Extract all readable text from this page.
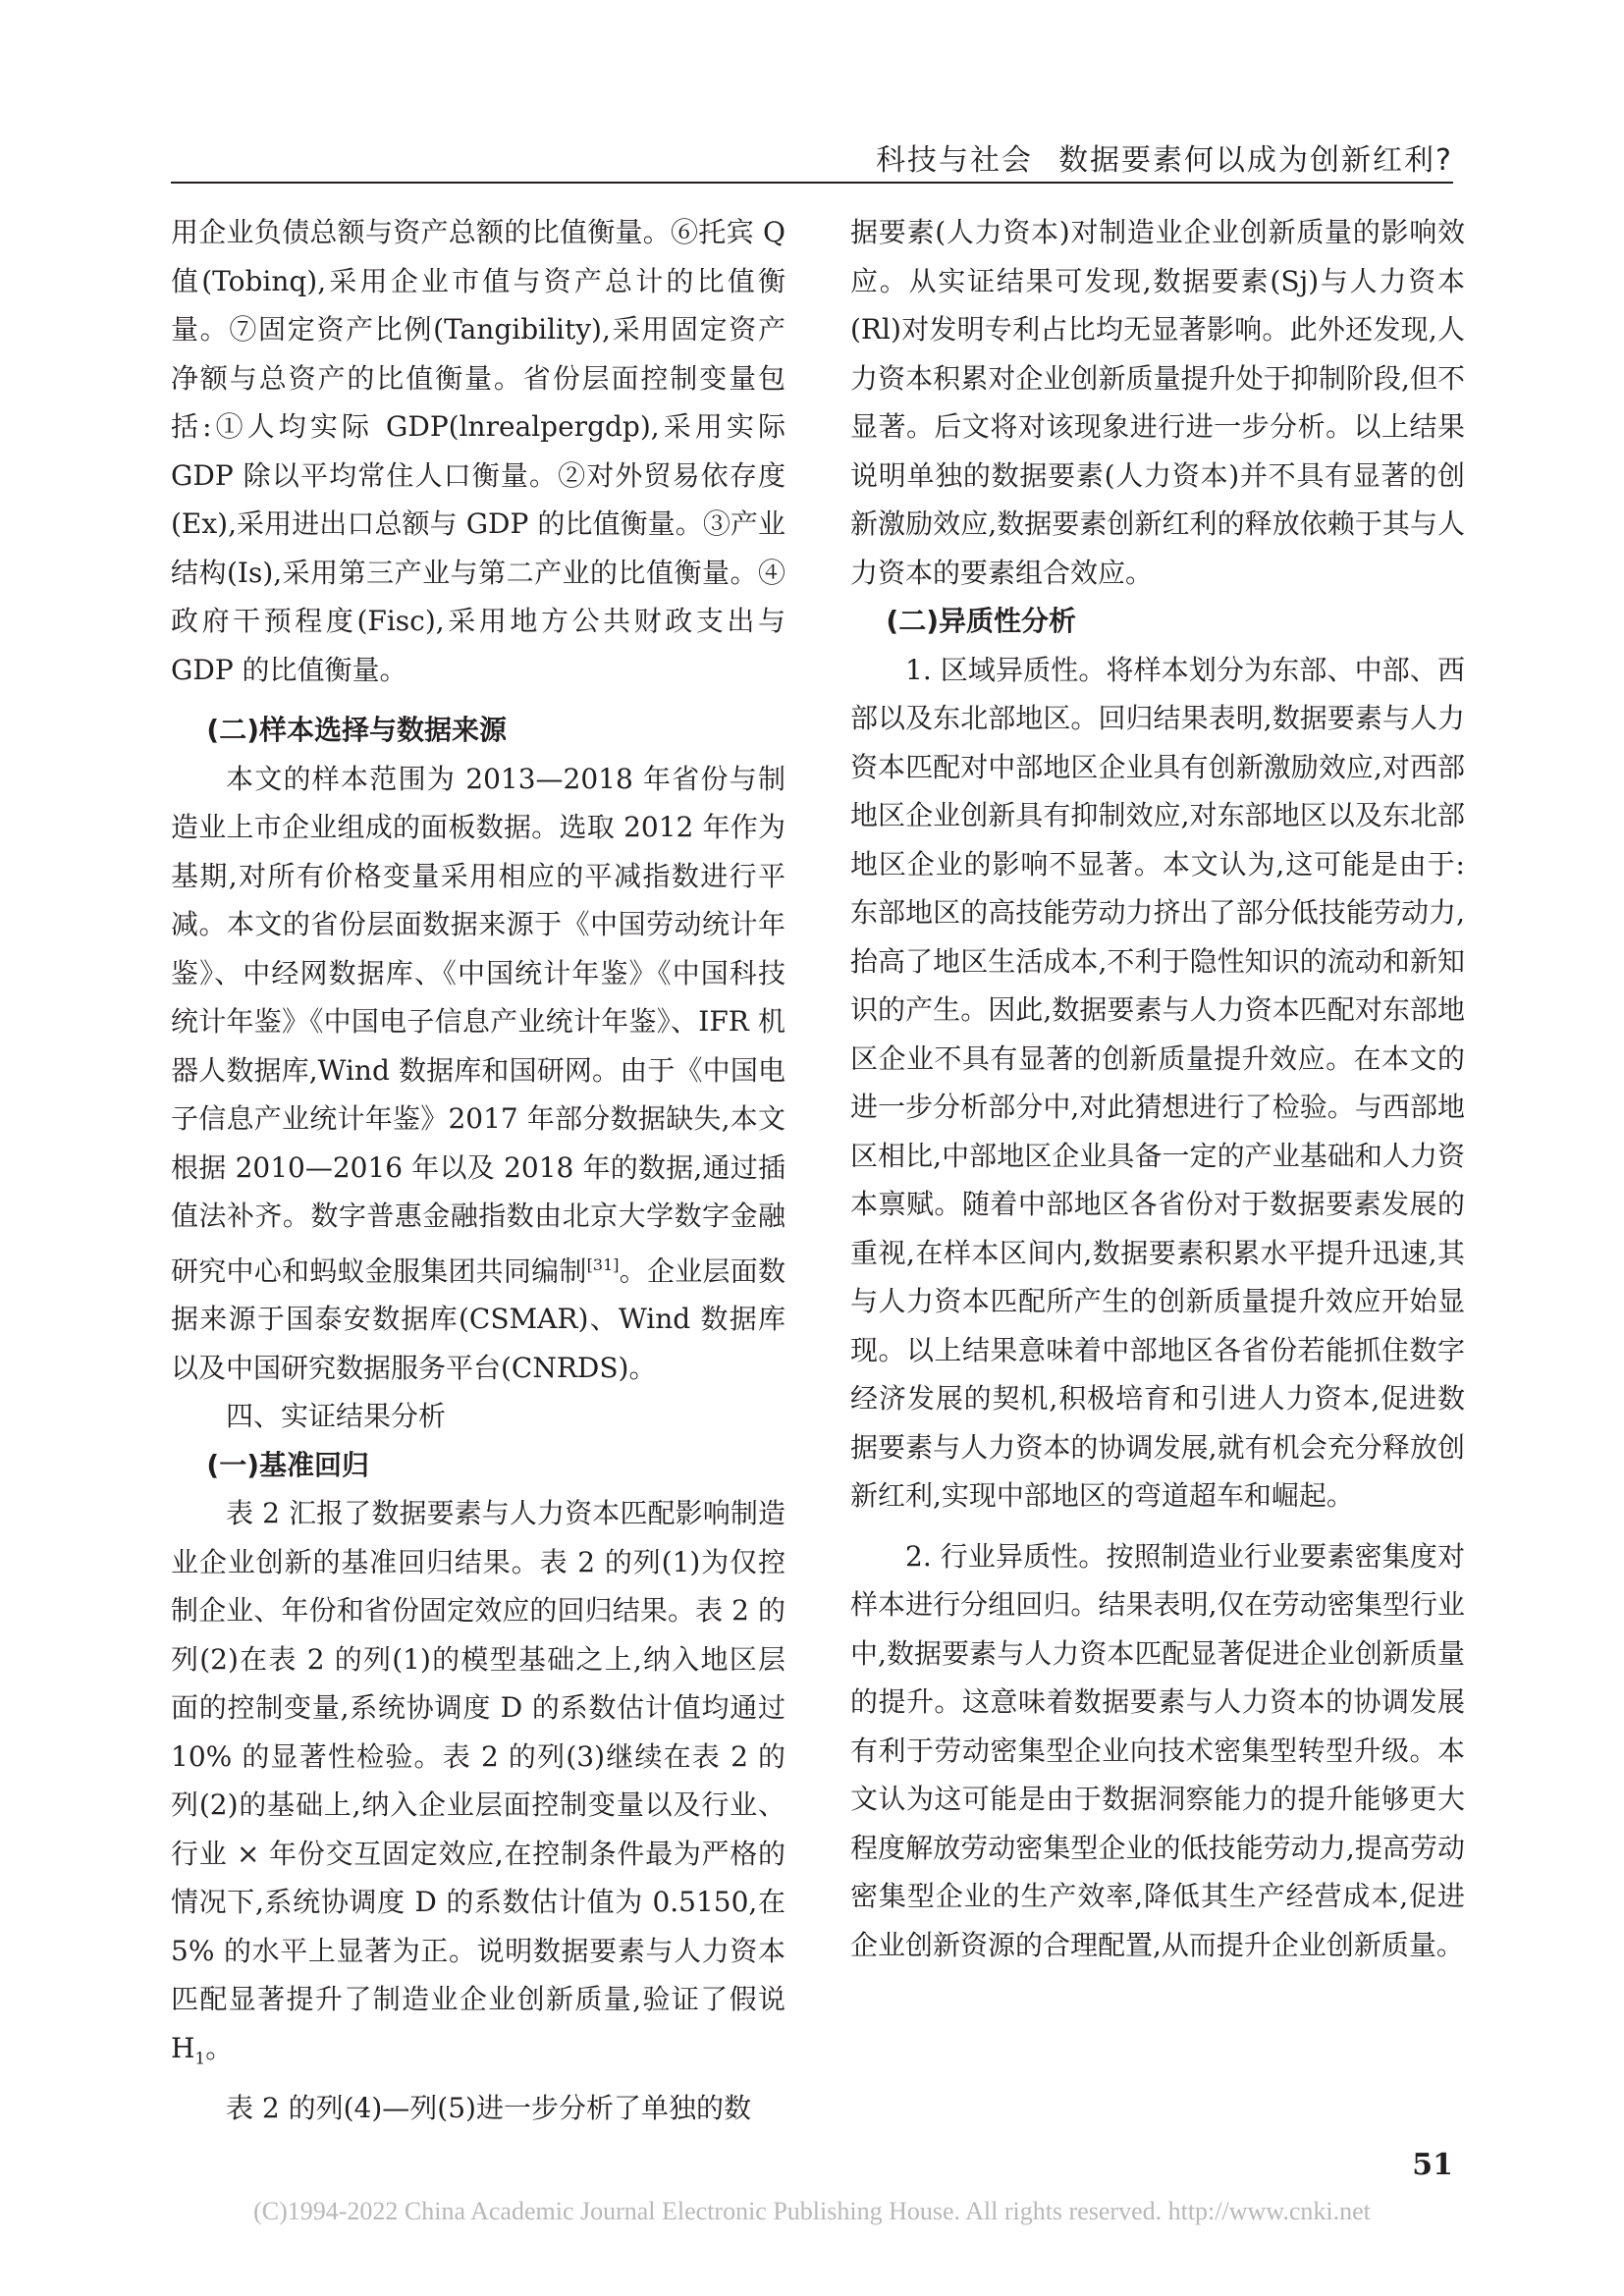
科技与社会 数据要素何以成为创新红利?

用企业负债总额与资产总额的比值衡量。⑥托宾 Q 值(Tobinq),采用企业市值与资产总计的比值衡量。⑦固定资产比例(Tangibility),采用固定资产净额与总资产的比值衡量。省份层面控制变量包括:①人均实际 GDP(lnrealpergdp),采用实际 GDP 除以平均常住人口衡量。②对外贸易依存度(Ex),采用进出口总额与 GDP 的比值衡量。③产业结构(Is),采用第三产业与第二产业的比值衡量。④政府干预程度(Fisc),采用地方公共财政支出与 GDP 的比值衡量。

(二)样本选择与数据来源

本文的样本范围为 2013—2018 年省份与制造业上市企业组成的面板数据。选取 2012 年作为基期,对所有价格变量采用相应的平减指数进行平减。本文的省份层面数据来源于《中国劳动统计年鉴》、中经网数据库、《中国统计年鉴》《中国科技统计年鉴》《中国电子信息产业统计年鉴》、IFR 机器人数据库,Wind 数据库和国研网。由于《中国电子信息产业统计年鉴》2017 年部分数据缺失,本文根据 2010—2016 年以及 2018 年的数据,通过插值法补齐。数字普惠金融指数由北京大学数字金融研究中心和蚂蚁金服集团共同编制[31]。企业层面数据来源于国泰安数据库(CSMAR)、Wind 数据库以及中国研究数据服务平台(CNRDS)。

四、实证结果分析
(一)基准回归

表 2 汇报了数据要素与人力资本匹配影响制造业企业创新的基准回归结果。表 2 的列(1)为仅控制企业、年份和省份固定效应的回归结果。表 2 的列(2)在表 2 的列(1)的模型基础之上,纳入地区层面的控制变量,系统协调度 D 的系数估计值均通过 10% 的显著性检验。表 2 的列(3)继续在表 2 的列(2)的基础上,纳入企业层面控制变量以及行业、行业 × 年份交互固定效应,在控制条件最为严格的情况下,系统协调度 D 的系数估计值为 0.5150,在 5% 的水平上显著为正。说明数据要素与人力资本匹配显著提升了制造业企业创新质量,验证了假说 $H_1$。

表 2 的列(4)—列(5)进一步分析了单独的数

据要素(人力资本)对制造业企业创新质量的影响效应。从实证结果可发现,数据要素(Sj)与人力资本(Rl)对发明专利占比均无显著影响。此外还发现,人力资本积累对企业创新质量提升处于抑制阶段,但不显著。后文将对该现象进行进一步分析。以上结果说明单独的数据要素(人力资本)并不具有显著的创新激励效应,数据要素创新红利的释放依赖于其与人力资本的要素组合效应。

(二)异质性分析

1. 区域异质性。将样本划分为东部、中部、西部以及东北部地区。回归结果表明,数据要素与人力资本匹配对中部地区企业具有创新激励效应,对西部地区企业创新具有抑制效应,对东部地区以及东北部地区企业的影响不显著。本文认为,这可能是由于:东部地区的高技能劳动力挤出了部分低技能劳动力,抬高了地区生活成本,不利于隐性知识的流动和新知识的产生。因此,数据要素与人力资本匹配对东部地区企业不具有显著的创新质量提升效应。在本文的进一步分析部分中,对此猜想进行了检验。与西部地区相比,中部地区企业具备一定的产业基础和人力资本禀赋。随着中部地区各省份对于数据要素发展的重视,在样本区间内,数据要素积累水平提升迅速,其与人力资本匹配所产生的创新质量提升效应开始显现。以上结果意味着中部地区各省份若能抓住数字经济发展的契机,积极培育和引进人力资本,促进数据要素与人力资本的协调发展,就有机会充分释放创新红利,实现中部地区的弯道超车和崛起。

2. 行业异质性。按照制造业行业要素密集度对样本进行分组回归。结果表明,仅在劳动密集型行业中,数据要素与人力资本匹配显著促进企业创新质量的提升。这意味着数据要素与人力资本的协调发展有利于劳动密集型企业向技术密集型转型升级。本文认为这可能是由于数据洞察能力的提升能够更大程度解放劳动密集型企业的低技能劳动力,提高劳动密集型企业的生产效率,降低其生产经营成本,促进企业创新资源的合理配置,从而提升企业创新质量。

51
(C)1994-2022 China Academic Journal Electronic Publishing House. All rights reserved. http://www.cnki.net
